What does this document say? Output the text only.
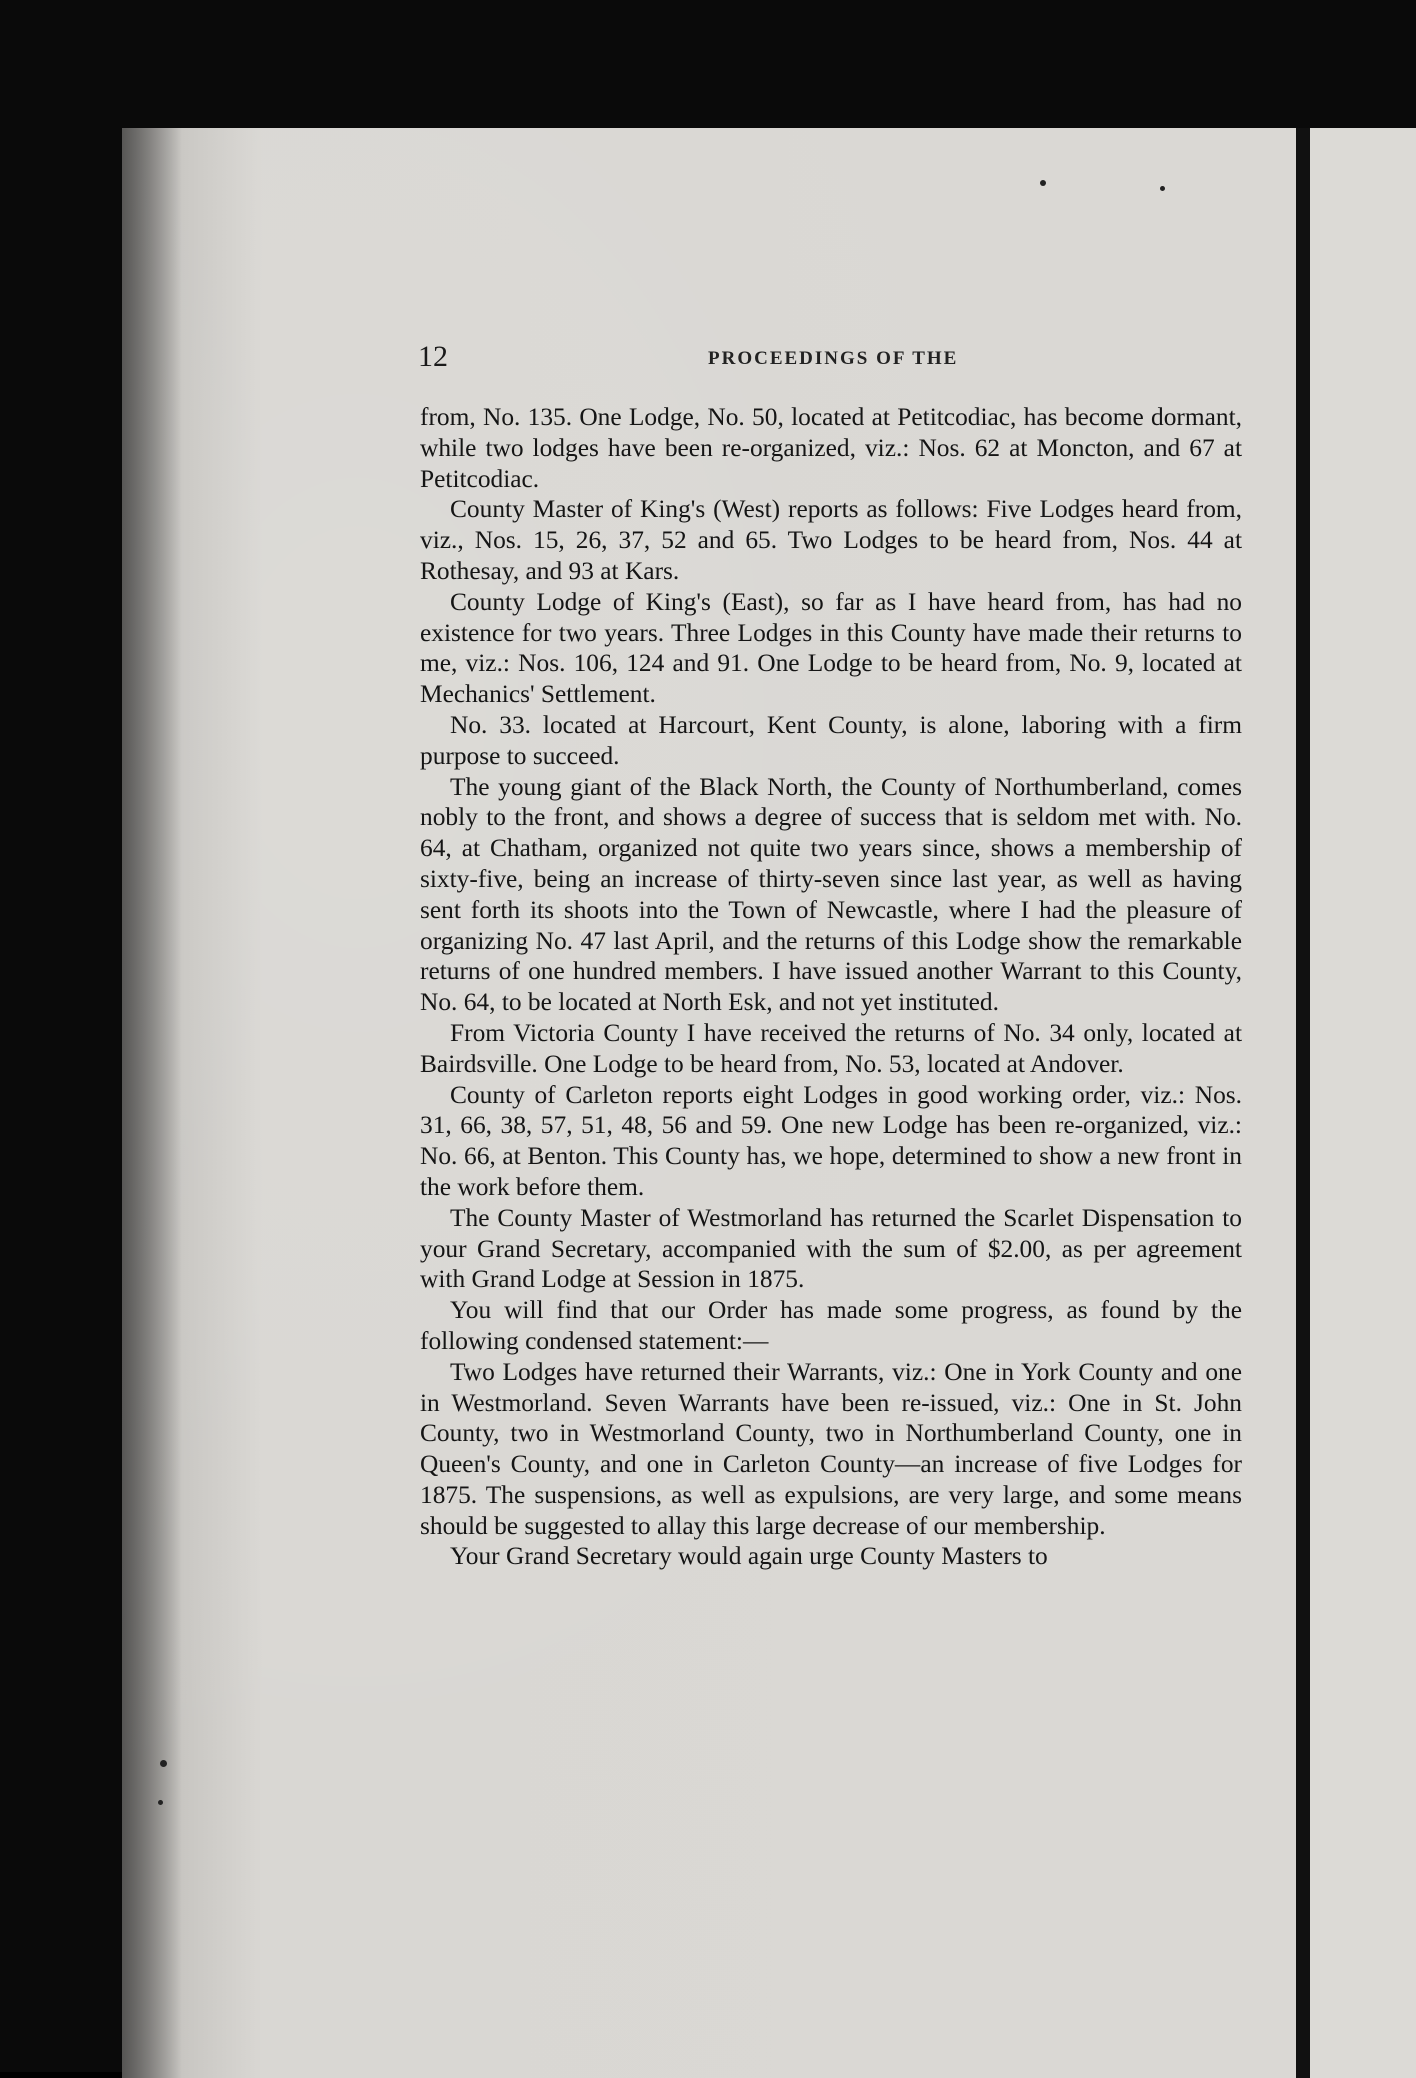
12	PROCEEDINGS OF THE

from, No. 135. One Lodge, No. 50, located at Petitcodiac, has become dormant, while two lodges have been re-organized, viz.: Nos. 62 at Moncton, and 67 at Petitcodiac.

County Master of King's (West) reports as follows: Five Lodges heard from, viz., Nos. 15, 26, 37, 52 and 65. Two Lodges to be heard from, Nos. 44 at Rothesay, and 93 at Kars.

County Lodge of King's (East), so far as I have heard from, has had no existence for two years. Three Lodges in this County have made their returns to me, viz.: Nos. 106, 124 and 91. One Lodge to be heard from, No. 9, located at Mechanics' Settlement.

No. 33. located at Harcourt, Kent County, is alone, laboring with a firm purpose to succeed.

The young giant of the Black North, the County of Northumberland, comes nobly to the front, and shows a degree of success that is seldom met with. No. 64, at Chatham, organized not quite two years since, shows a membership of sixty-five, being an increase of thirty-seven since last year, as well as having sent forth its shoots into the Town of Newcastle, where I had the pleasure of organizing No. 47 last April, and the returns of this Lodge show the remarkable returns of one hundred members. I have issued another Warrant to this County, No. 64, to be located at North Esk, and not yet instituted.

From Victoria County I have received the returns of No. 34 only, located at Bairdsville. One Lodge to be heard from, No. 53, located at Andover.

County of Carleton reports eight Lodges in good working order, viz.: Nos. 31, 66, 38, 57, 51, 48, 56 and 59. One new Lodge has been re-organized, viz.: No. 66, at Benton. This County has, we hope, determined to show a new front in the work before them.

The County Master of Westmorland has returned the Scarlet Dispensation to your Grand Secretary, accompanied with the sum of $2.00, as per agreement with Grand Lodge at Session in 1875.

You will find that our Order has made some progress, as found by the following condensed statement:—

Two Lodges have returned their Warrants, viz.: One in York County and one in Westmorland. Seven Warrants have been re-issued, viz.: One in St. John County, two in Westmorland County, two in Northumberland County, one in Queen's County, and one in Carleton County—an increase of five Lodges for 1875. The suspensions, as well as expulsions, are very large, and some means should be suggested to allay this large decrease of our membership.

Your Grand Secretary would again urge County Masters to
